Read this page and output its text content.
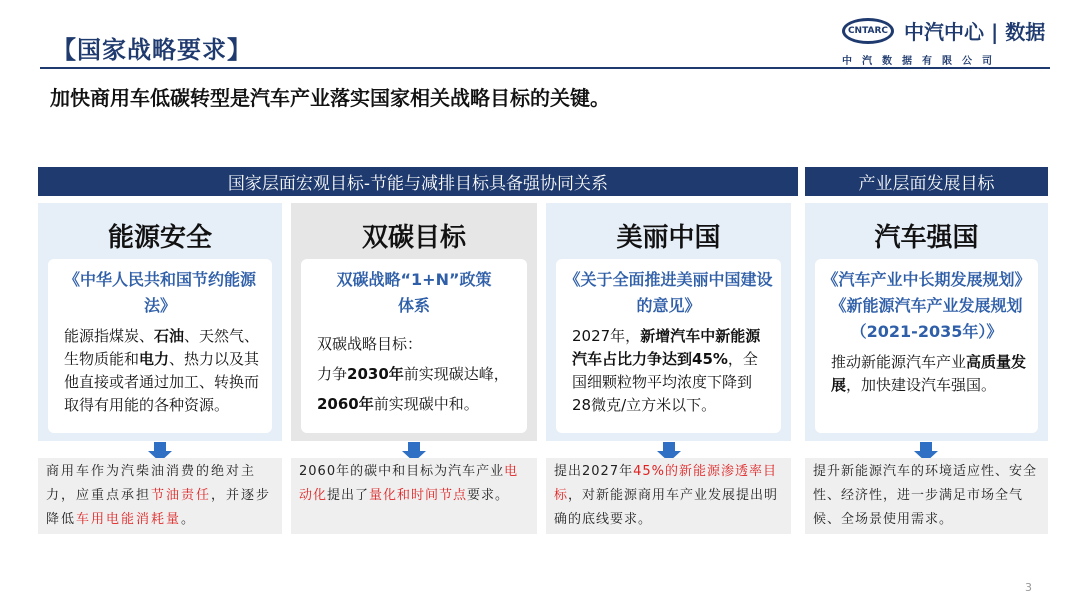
【国家战略要求】
CNTARC 中汽中心 | 数据
中汽数据有限公司
加快商用车低碳转型是汽车产业落实国家相关战略目标的关键。
国家层面宏观目标-节能与减排目标具备强协同关系	产业层面发展目标
能源安全
《中华人民共和国节约能源法》
能源指煤炭、石油、天然气、生物质能和电力、热力以及其他直接或者通过加工、转换而取得有用能的各种资源。
双碳目标
双碳战略“1+N”政策体系
双碳战略目标：
力争2030年前实现碳达峰，
2060年前实现碳中和。
美丽中国
《关于全面推进美丽中国建设的意见》
2027年，新增汽车中新能源汽车占比力争达到45%，全国细颗粒物平均浓度下降到28微克/立方米以下。
汽车强国
《汽车产业中长期发展规划》《新能源汽车产业发展规划（2021-2035年）》
推动新能源汽车产业高质量发展，加快建设汽车强国。
商用车作为汽柴油消费的绝对主力，应重点承担节油责任，并逐步降低车用电能消耗量。
2060年的碳中和目标为汽车产业电动化提出了量化和时间节点要求。
提出2027年45%的新能源渗透率目标，对新能源商用车产业发展提出明确的底线要求。
提升新能源汽车的环境适应性、安全性、经济性，进一步满足市场全气候、全场景使用需求。
3
